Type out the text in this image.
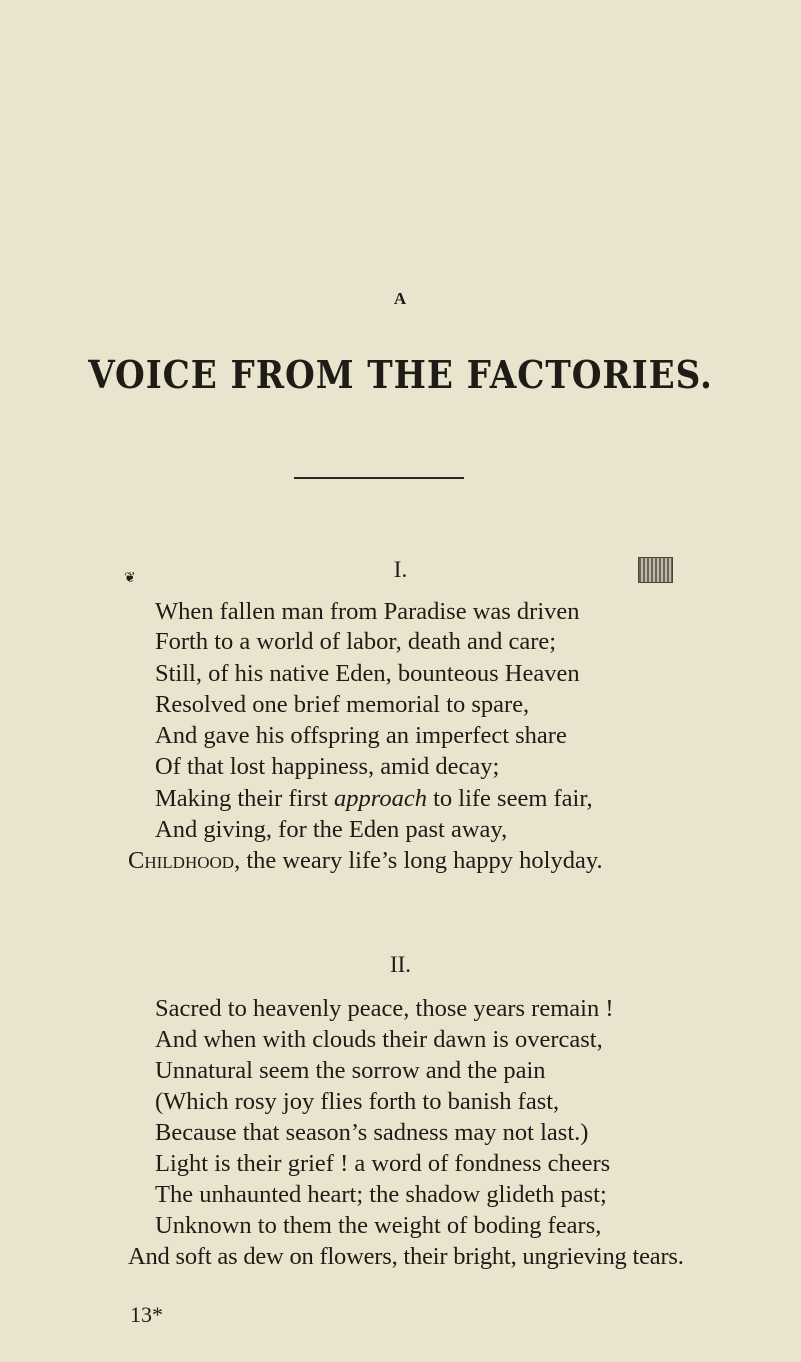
A
VOICE FROM THE FACTORIES.
❦	I.
When fallen man from Paradise was driven
Forth to a world of labor, death and care;
Still, of his native Eden, bounteous Heaven
Resolved one brief memorial to spare,
And gave his offspring an imperfect share
Of that lost happiness, amid decay;
Making their first approach to life seem fair,
And giving, for the Eden past away,
Childhood, the weary life’s long happy holyday.
II.
Sacred to heavenly peace, those years remain !
And when with clouds their dawn is overcast,
Unnatural seem the sorrow and the pain
(Which rosy joy flies forth to banish fast,
Because that season’s sadness may not last.)
Light is their grief ! a word of fondness cheers
The unhaunted heart; the shadow glideth past;
Unknown to them the weight of boding fears,
And soft as dew on flowers, their bright, ungrieving tears.
13*
